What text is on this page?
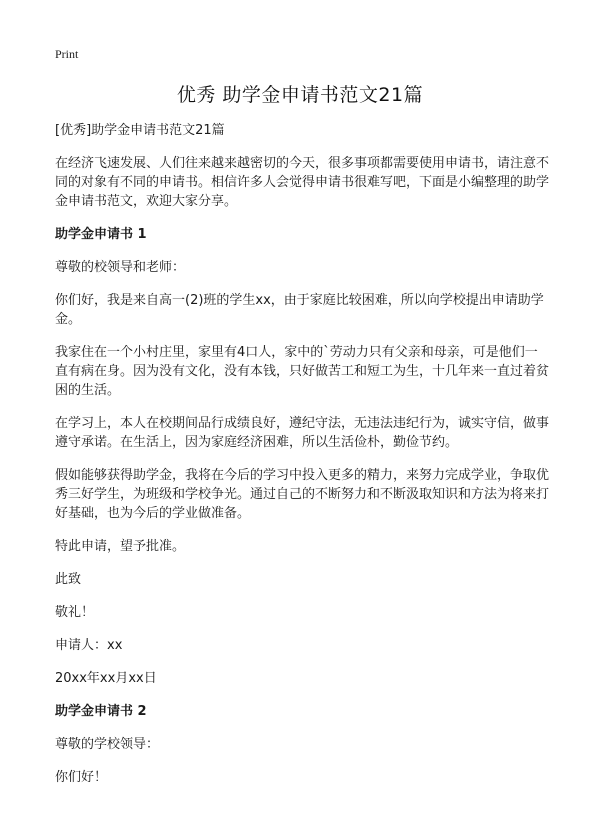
Print
优秀 助学金申请书范文21篇
[优秀]助学金申请书范文21篇
在经济飞速发展、人们往来越来越密切的今天，很多事项都需要使用申请书，请注意不同的对象有不同的申请书。相信许多人会觉得申请书很难写吧，下面是小编整理的助学金申请书范文，欢迎大家分享。
助学金申请书 1
尊敬的校领导和老师：
你们好，我是来自高一(2)班的学生xx，由于家庭比较困难，所以向学校提出申请助学金。
我家住在一个小村庄里，家里有4口人，家中的`劳动力只有父亲和母亲，可是他们一直有病在身。因为没有文化，没有本钱，只好做苦工和短工为生，十几年来一直过着贫困的生活。
在学习上，本人在校期间品行成绩良好，遵纪守法，无违法违纪行为，诚实守信，做事遵守承诺。在生活上，因为家庭经济困难，所以生活俭朴，勤俭节约。
假如能够获得助学金，我将在今后的学习中投入更多的精力，来努力完成学业，争取优秀三好学生，为班级和学校争光。通过自己的不断努力和不断汲取知识和方法为将来打好基础，也为今后的学业做准备。
特此申请，望予批准。
此致
敬礼！
申请人：xx
20xx年xx月xx日
助学金申请书 2
尊敬的学校领导：
你们好！
